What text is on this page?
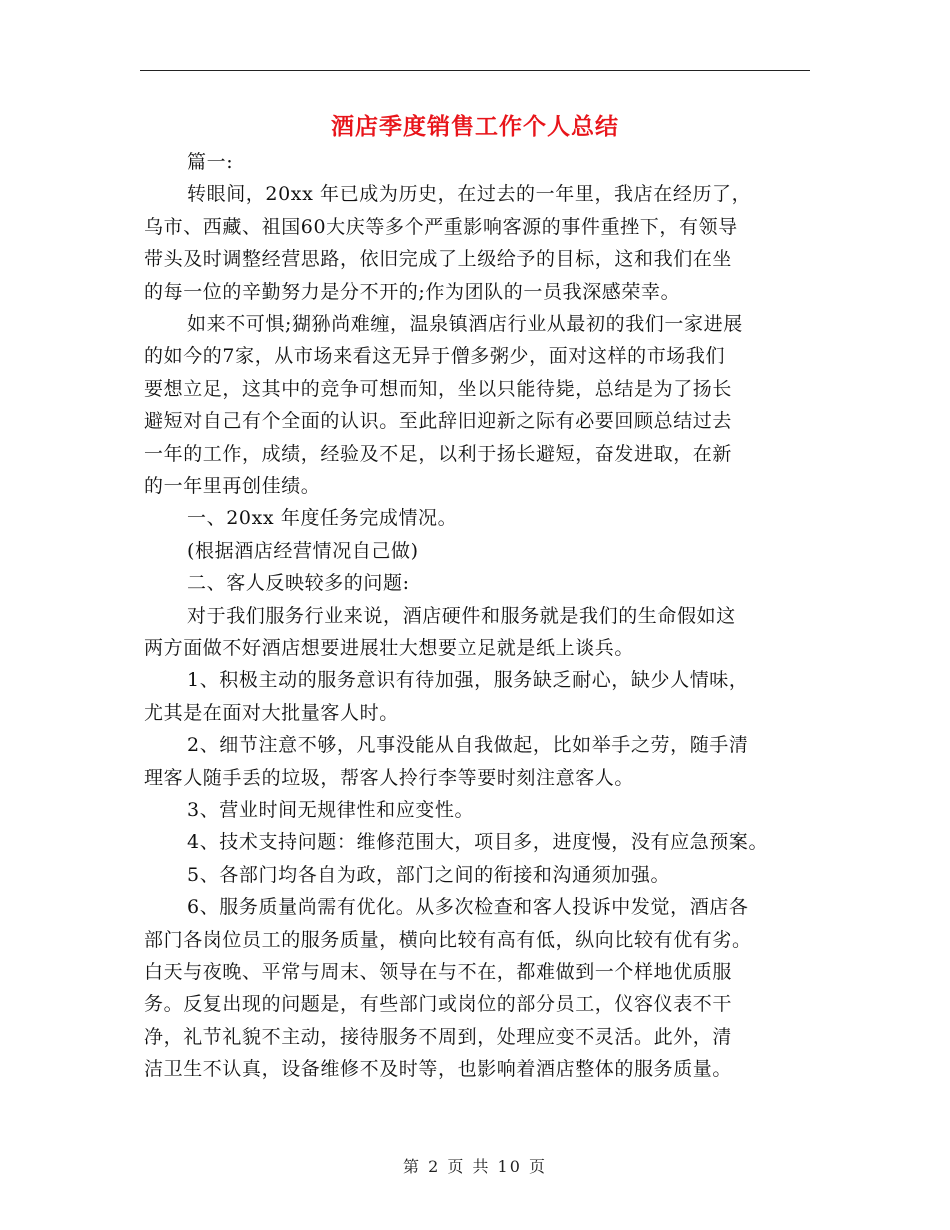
酒店季度销售工作个人总结
篇一:
转眼间，20xx 年已成为历史，在过去的一年里，我店在经历了，
乌市、西藏、祖国60大庆等多个严重影响客源的事件重挫下，有领导
带头及时调整经营思路，依旧完成了上级给予的目标，这和我们在坐
的每一位的辛勤努力是分不开的;作为团队的一员我深感荣幸。
如来不可惧;猢狲尚难缠，温泉镇酒店行业从最初的我们一家进展
的如今的7家，从市场来看这无异于僧多粥少，面对这样的市场我们
要想立足，这其中的竞争可想而知，坐以只能待毙，总结是为了扬长
避短对自己有个全面的认识。至此辞旧迎新之际有必要回顾总结过去
一年的工作，成绩，经验及不足，以利于扬长避短，奋发进取，在新
的一年里再创佳绩。
一、20xx 年度任务完成情况。
(根据酒店经营情况自己做)
二、客人反映较多的问题:
对于我们服务行业来说，酒店硬件和服务就是我们的生命假如这
两方面做不好酒店想要进展壮大想要立足就是纸上谈兵。
1、积极主动的服务意识有待加强，服务缺乏耐心，缺少人情味，
尤其是在面对大批量客人时。
2、细节注意不够，凡事没能从自我做起，比如举手之劳，随手清
理客人随手丢的垃圾，帮客人拎行李等要时刻注意客人。
3、营业时间无规律性和应变性。
4、技术支持问题：维修范围大，项目多，进度慢，没有应急预案。
5、各部门均各自为政，部门之间的衔接和沟通须加强。
6、服务质量尚需有优化。从多次检查和客人投诉中发觉，酒店各
部门各岗位员工的服务质量，横向比较有高有低，纵向比较有优有劣。
白天与夜晚、平常与周末、领导在与不在，都难做到一个样地优质服
务。反复出现的问题是，有些部门或岗位的部分员工，仪容仪表不干
净，礼节礼貌不主动，接待服务不周到，处理应变不灵活。此外，清
洁卫生不认真，设备维修不及时等，也影响着酒店整体的服务质量。
第 2 页 共 10 页
